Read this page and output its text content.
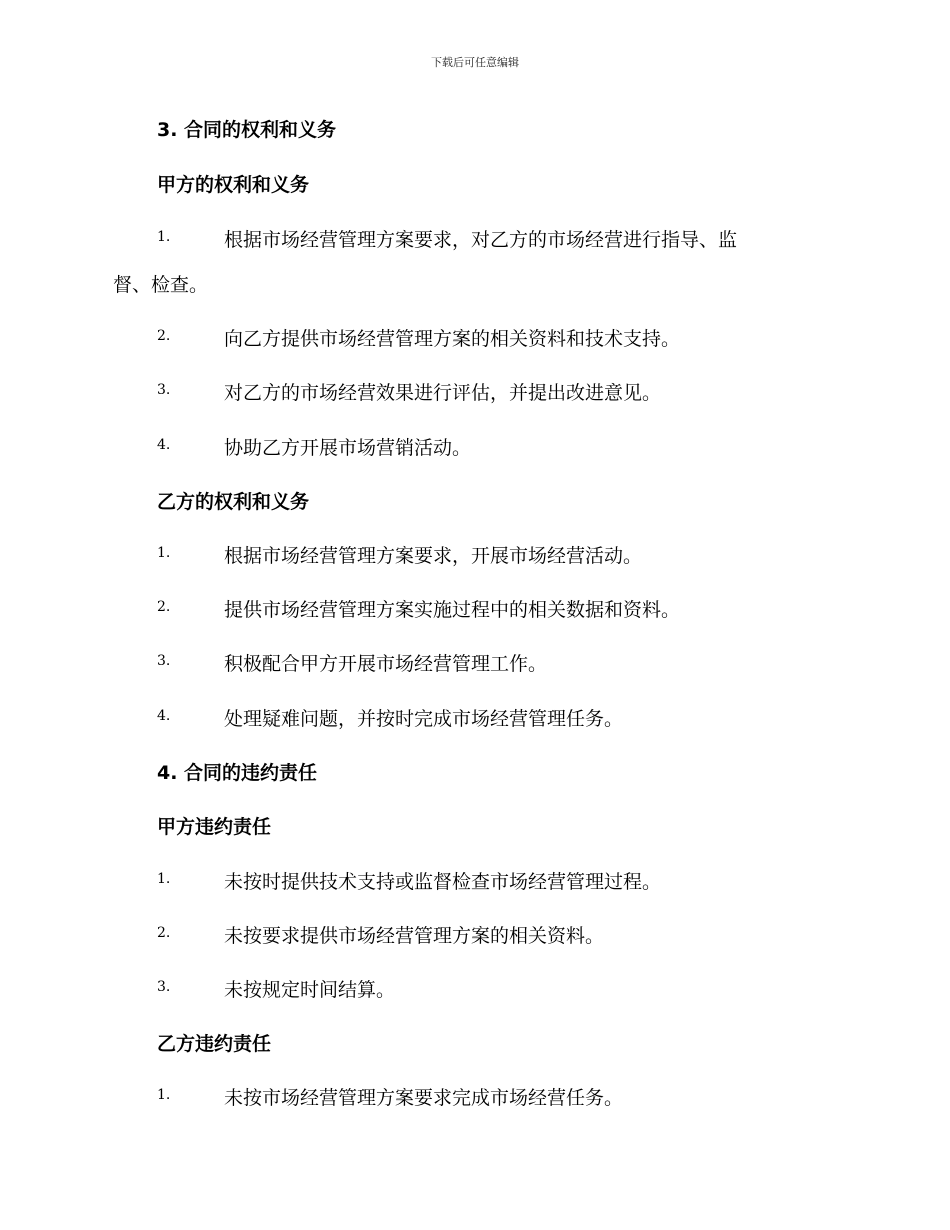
下载后可任意编辑
3. 合同的权利和义务
甲方的权利和义务
1.	根据市场经营管理方案要求，对乙方的市场经营进行指导、监
督、检查。
2.	向乙方提供市场经营管理方案的相关资料和技术支持。
3.	对乙方的市场经营效果进行评估，并提出改进意见。
4.	协助乙方开展市场营销活动。
乙方的权利和义务
1.	根据市场经营管理方案要求，开展市场经营活动。
2.	提供市场经营管理方案实施过程中的相关数据和资料。
3.	积极配合甲方开展市场经营管理工作。
4.	处理疑难问题，并按时完成市场经营管理任务。
4. 合同的违约责任
甲方违约责任
1.	未按时提供技术支持或监督检查市场经营管理过程。
2.	未按要求提供市场经营管理方案的相关资料。
3.	未按规定时间结算。
乙方违约责任
1.	未按市场经营管理方案要求完成市场经营任务。
